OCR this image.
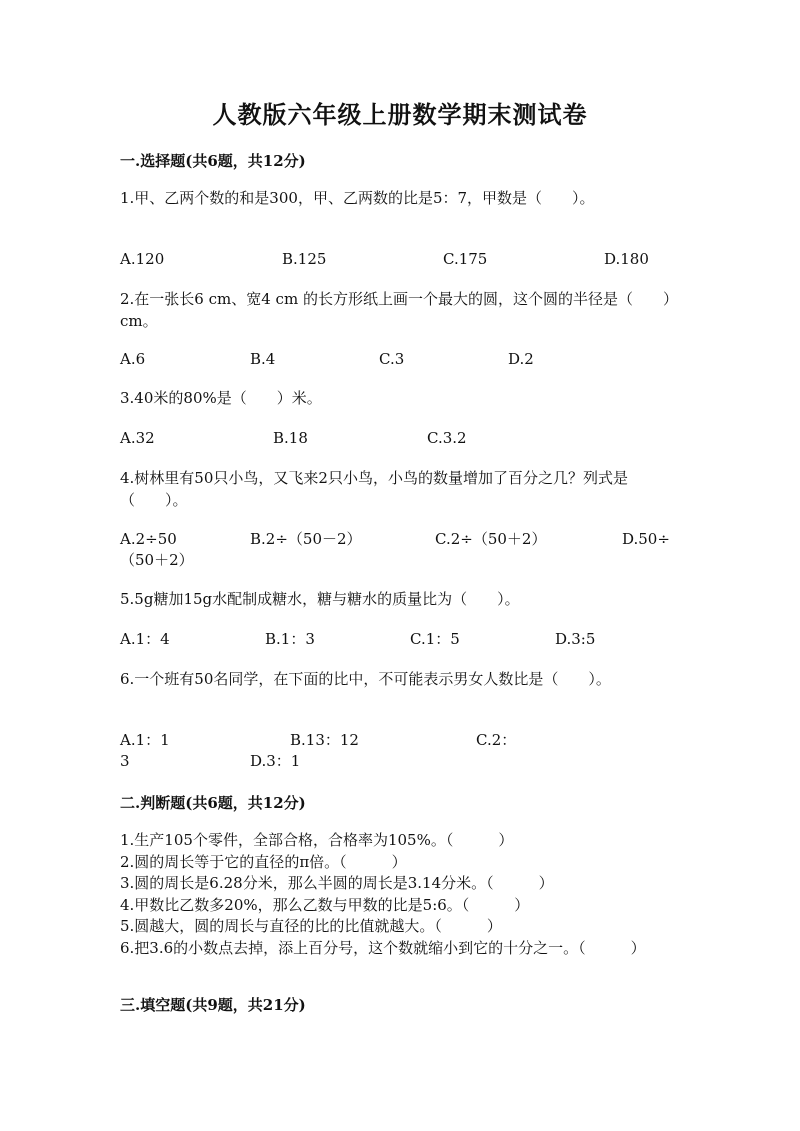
人教版六年级上册数学期末测试卷
一.选择题(共6题，共12分)
1.甲、乙两个数的和是300，甲、乙两数的比是5：7，甲数是（　　）。
A.120	B.125	C.175	D.180
2.在一张长6 cm、宽4 cm 的长方形纸上画一个最大的圆，这个圆的半径是（　　）cm。
A.6	B.4	C.3	D.2
3.40米的80%是（　　）米。
A.32	B.18	C.3.2
4.树林里有50只小鸟，又飞来2只小鸟，小鸟的数量增加了百分之几？列式是（　　）。
A.2÷50	B.2÷（50－2）	C.2÷（50＋2）	D.50÷
（50＋2）
5.5g糖加15g水配制成糖水，糖与糖水的质量比为（　　）。
A.1：4	B.1：3	C.1：5	D.3:5
6.一个班有50名同学，在下面的比中，不可能表示男女人数比是（　　）。
A.1：1	B.13：12	C.2：
3	D.3：1
二.判断题(共6题，共12分)
1.生产105个零件，全部合格，合格率为105%。（　　　）
2.圆的周长等于它的直径的π倍。（　　　）
3.圆的周长是6.28分米，那么半圆的周长是3.14分米。（　　　）
4.甲数比乙数多20%，那么乙数与甲数的比是5:6。（　　　）
5.圆越大，圆的周长与直径的比的比值就越大。（　　　）
6.把3.6的小数点去掉，添上百分号，这个数就缩小到它的十分之一。（　　　）
三.填空题(共9题，共21分)
